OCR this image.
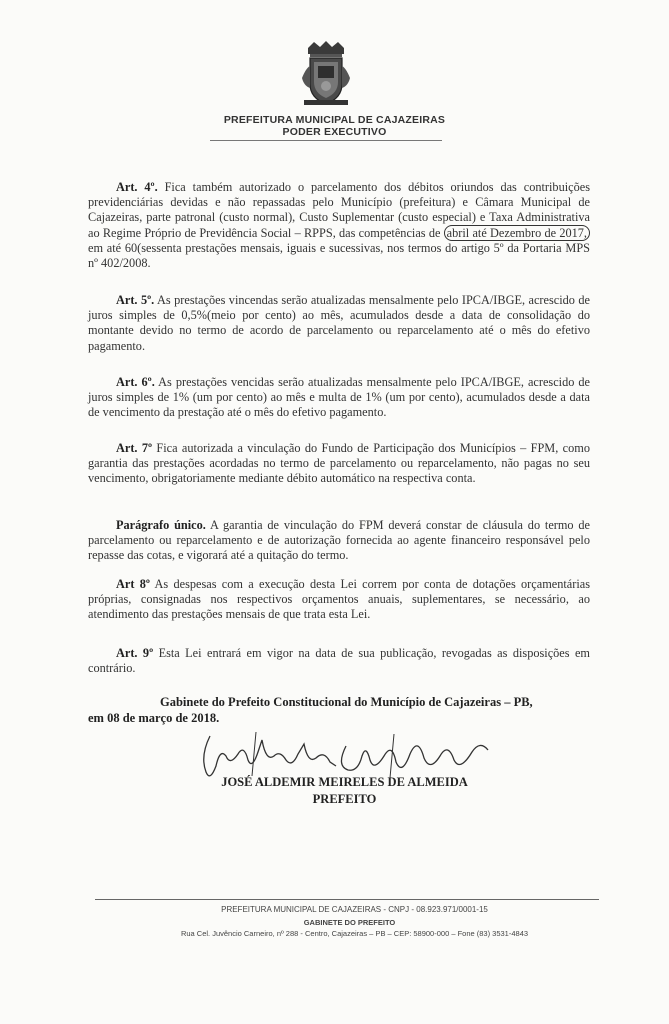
PREFEITURA MUNICIPAL DE CAJAZEIRAS
PODER EXECUTIVO
Art. 4º. Fica também autorizado o parcelamento dos débitos oriundos das contribuições previdenciárias devidas e não repassadas pelo Município (prefeitura) e Câmara Municipal de Cajazeiras, parte patronal (custo normal), Custo Suplementar (custo especial) e Taxa Administrativa ao Regime Próprio de Previdência Social – RPPS, das competências de abril até Dezembro de 2017, em até 60(sessenta prestações mensais, iguais e sucessivas, nos termos do artigo 5º da Portaria MPS nº 402/2008.
Art. 5º. As prestações vincendas serão atualizadas mensalmente pelo IPCA/IBGE, acrescido de juros simples de 0,5%(meio por cento) ao mês, acumulados desde a data de consolidação do montante devido no termo de acordo de parcelamento ou reparcelamento até o mês do efetivo pagamento.
Art. 6º. As prestações vencidas serão atualizadas mensalmente pelo IPCA/IBGE, acrescido de juros simples de 1% (um por cento) ao mês e multa de 1% (um por cento), acumulados desde a data de vencimento da prestação até o mês do efetivo pagamento.
Art. 7º Fica autorizada a vinculação do Fundo de Participação dos Municípios – FPM, como garantia das prestações acordadas no termo de parcelamento ou reparcelamento, não pagas no seu vencimento, obrigatoriamente mediante débito automático na respectiva conta.
Parágrafo único. A garantia de vinculação do FPM deverá constar de cláusula do termo de parcelamento ou reparcelamento e de autorização fornecida ao agente financeiro responsável pelo repasse das cotas, e vigorará até a quitação do termo.
Art 8º As despesas com a execução desta Lei correm por conta de dotações orçamentárias próprias, consignadas nos respectivos orçamentos anuais, suplementares, se necessário, ao atendimento das prestações mensais de que trata esta Lei.
Art. 9º Esta Lei entrará em vigor na data de sua publicação, revogadas as disposições em contrário.
Gabinete do Prefeito Constitucional do Município de Cajazeiras – PB,
em 08 de março de 2018.
JOSÉ ALDEMIR MEIRELES DE ALMEIDA
PREFEITO
PREFEITURA MUNICIPAL DE CAJAZEIRAS - CNPJ - 08.923.971/0001-15
GABINETE DO PREFEITO
Rua Cel. Juvêncio Carneiro, nº 288 - Centro, Cajazeiras – PB – CEP: 58900-000 – Fone (83) 3531-4843
